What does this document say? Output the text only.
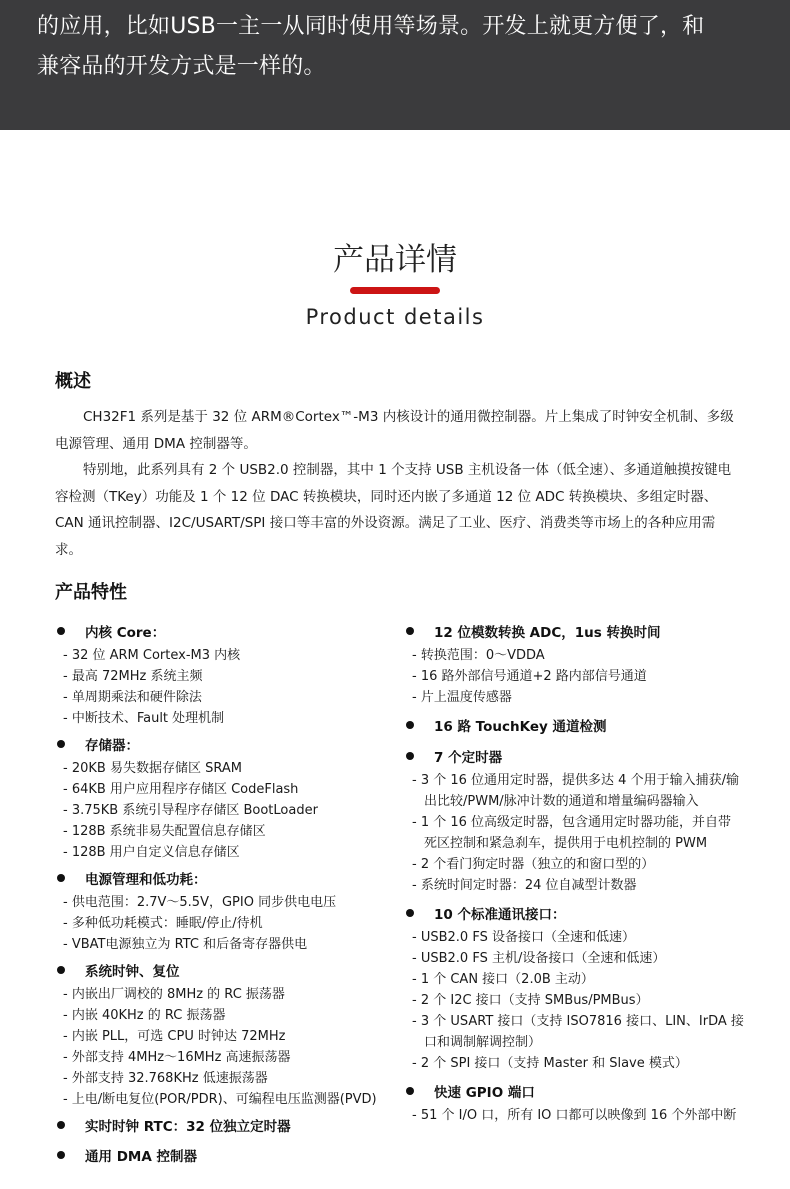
的应用，比如USB一主一从同时使用等场景。开发上就更方便了，和

兼容品的开发方式是一样的。

产品详情
Product details
概述

CH32F1 系列是基于 32 位 ARM®Cortex™-M3 内核设计的通用微控制器。片上集成了时钟安全机制、多级电源管理、通用 DMA 控制器等。

特别地，此系列具有 2 个 USB2.0 控制器，其中 1 个支持 USB 主机设备一体（低全速）、多通道触摸按键电容检测（TKey）功能及 1 个 12 位 DAC 转换模块，同时还内嵌了多通道 12 位 ADC 转换模块、多组定时器、CAN 通讯控制器、I2C/USART/SPI 接口等丰富的外设资源。满足了工业、医疗、消费类等市场上的各种应用需求。

产品特性
内核 Core：

- 32 位 ARM Cortex-M3 内核

- 最高 72MHz 系统主频

- 单周期乘法和硬件除法

- 中断技术、Fault 处理机制

存储器：

- 20KB 易失数据存储区 SRAM

- 64KB 用户应用程序存储区 CodeFlash

- 3.75KB 系统引导程序存储区 BootLoader

- 128B 系统非易失配置信息存储区

- 128B 用户自定义信息存储区

电源管理和低功耗：

- 供电范围：2.7V～5.5V，GPIO 同步供电电压

- 多种低功耗模式：睡眠/停止/待机

- VBAT电源独立为 RTC 和后备寄存器供电

系统时钟、复位

- 内嵌出厂调校的 8MHz 的 RC 振荡器

- 内嵌 40KHz 的 RC 振荡器

- 内嵌 PLL，可选 CPU 时钟达 72MHz

- 外部支持 4MHz～16MHz 高速振荡器

- 外部支持 32.768KHz 低速振荡器

- 上电/断电复位(POR/PDR)、可编程电压监测器(PVD)

实时时钟 RTC：32 位独立定时器
通用 DMA 控制器
12 位模数转换 ADC，1us 转换时间

- 转换范围：0～VDDA

- 16 路外部信号通道+2 路内部信号通道

- 片上温度传感器

16 路 TouchKey 通道检测
7 个定时器

- 3 个 16 位通用定时器，提供多达 4 个用于输入捕获/输出比较/PWM/脉冲计数的通道和增量编码器输入

- 1 个 16 位高级定时器，包含通用定时器功能，并自带死区控制和紧急刹车，提供用于电机控制的 PWM

- 2 个看门狗定时器（独立的和窗口型的）

- 系统时间定时器：24 位自减型计数器

10 个标准通讯接口：

- USB2.0 FS 设备接口（全速和低速）

- USB2.0 FS 主机/设备接口（全速和低速）

- 1 个 CAN 接口（2.0B 主动）

- 2 个 I2C 接口（支持 SMBus/PMBus）

- 3 个 USART 接口（支持 ISO7816 接口、LIN、IrDA 接口和调制解调控制）

- 2 个 SPI 接口（支持 Master 和 Slave 模式）

快速 GPIO 端口

- 51 个 I/O 口，所有 IO 口都可以映像到 16 个外部中断
